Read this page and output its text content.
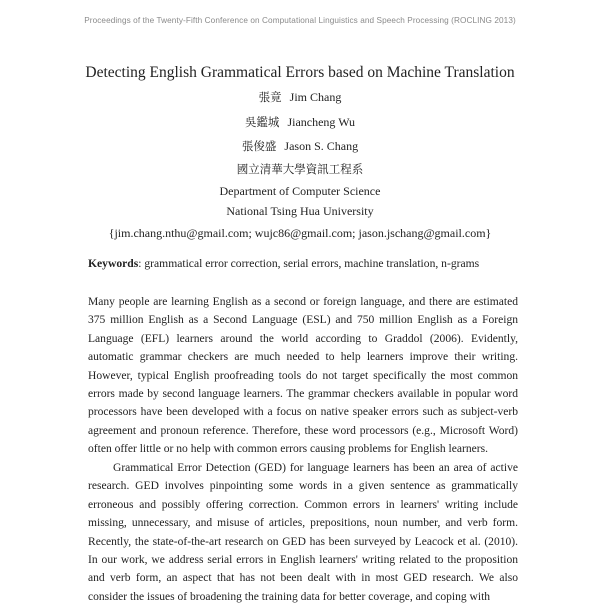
Proceedings of the Twenty-Fifth Conference on Computational Linguistics and Speech Processing (ROCLING 2013)
Detecting English Grammatical Errors based on Machine Translation
張竟 Jim Chang
吳鑑城 Jiancheng Wu
張俊盛 Jason S. Chang
國立清華大學資訊工程系
Department of Computer Science
National Tsing Hua University
{jim.chang.nthu@gmail.com; wujc86@gmail.com; jason.jschang@gmail.com}
Keywords: grammatical error correction, serial errors, machine translation, n-grams
Many people are learning English as a second or foreign language, and there are estimated 375 million English as a Second Language (ESL) and 750 million English as a Foreign Language (EFL) learners around the world according to Graddol (2006). Evidently, automatic grammar checkers are much needed to help learners improve their writing. However, typical English proofreading tools do not target specifically the most common errors made by second language learners. The grammar checkers available in popular word processors have been developed with a focus on native speaker errors such as subject-verb agreement and pronoun reference. Therefore, these word processors (e.g., Microsoft Word) often offer little or no help with common errors causing problems for English learners.
Grammatical Error Detection (GED) for language learners has been an area of active research. GED involves pinpointing some words in a given sentence as grammatically erroneous and possibly offering correction. Common errors in learners' writing include missing, unnecessary, and misuse of articles, prepositions, noun number, and verb form. Recently, the state-of-the-art research on GED has been surveyed by Leacock et al. (2010). In our work, we address serial errors in English learners' writing related to the proposition and verb form, an aspect that has not been dealt with in most GED research. We also consider the issues of broadening the training data for better coverage, and coping with
